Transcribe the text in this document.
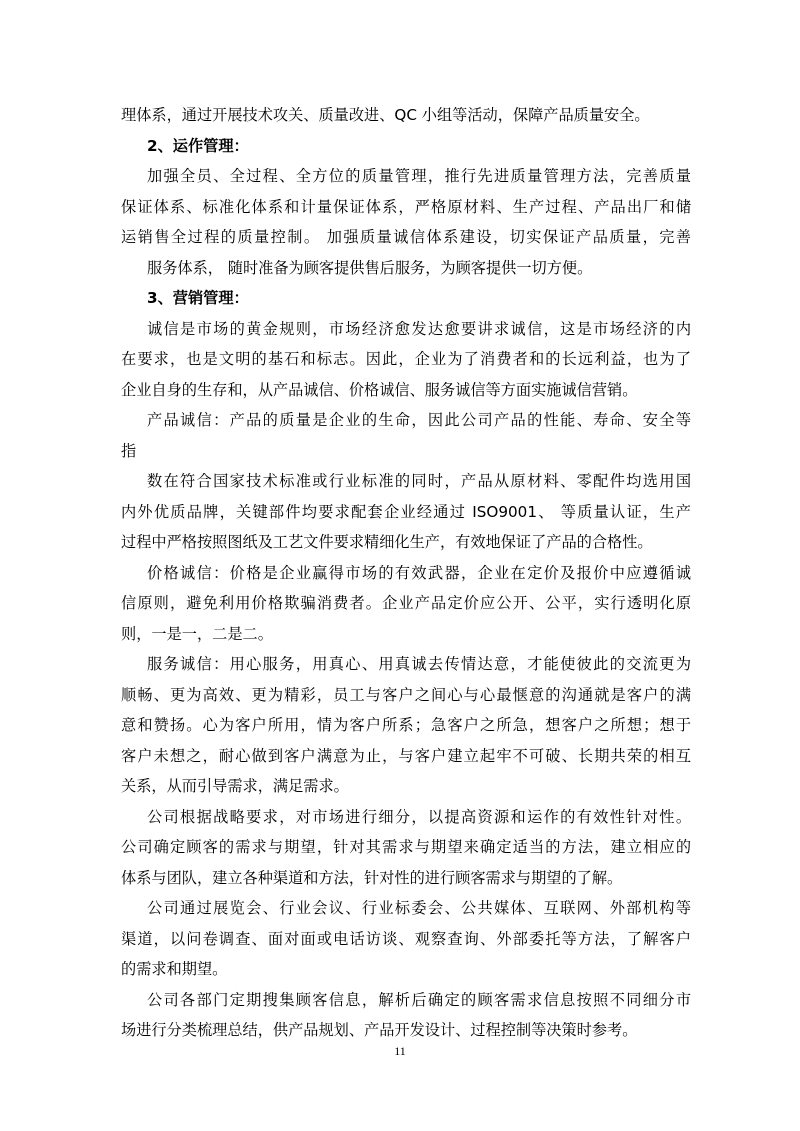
理体系，通过开展技术攻关、质量改进、QC 小组等活动，保障产品质量安全。
2、运作管理：
加强全员、全过程、全方位的质量管理，推行先进质量管理方法，完善质量
保证体系、标准化体系和计量保证体系，严格原材料、生产过程、产品出厂和储
运销售全过程的质量控制。 加强质量诚信体系建设，切实保证产品质量，完善
服务体系， 随时准备为顾客提供售后服务，为顾客提供一切方便。
3、营销管理：
诚信是市场的黄金规则，市场经济愈发达愈要讲求诚信，这是市场经济的内
在要求，也是文明的基石和标志。因此，企业为了消费者和的长远利益，也为了
企业自身的生存和，从产品诚信、价格诚信、服务诚信等方面实施诚信营销。
产品诚信：产品的质量是企业的生命，因此公司产品的性能、寿命、安全等
指
数在符合国家技术标准或行业标准的同时，产品从原材料、零配件均选用国
内外优质品牌，关键部件均要求配套企业经通过 ISO9001、 等质量认证，生产
过程中严格按照图纸及工艺文件要求精细化生产，有效地保证了产品的合格性。
价格诚信：价格是企业赢得市场的有效武器，企业在定价及报价中应遵循诚
信原则，避免利用价格欺骗消费者。企业产品定价应公开、公平，实行透明化原
则，一是一，二是二。
服务诚信：用心服务，用真心、用真诚去传情达意，才能使彼此的交流更为
顺畅、更为高效、更为精彩，员工与客户之间心与心最惬意的沟通就是客户的满
意和赞扬。心为客户所用，情为客户所系；急客户之所急，想客户之所想；想于
客户未想之，耐心做到客户满意为止，与客户建立起牢不可破、长期共荣的相互
关系，从而引导需求，满足需求。
公司根据战略要求，对市场进行细分，以提高资源和运作的有效性针对性。
公司确定顾客的需求与期望，针对其需求与期望来确定适当的方法，建立相应的
体系与团队，建立各种渠道和方法，针对性的进行顾客需求与期望的了解。
公司通过展览会、行业会议、行业标委会、公共媒体、互联网、外部机构等
渠道，以问卷调查、面对面或电话访谈、观察查询、外部委托等方法，了解客户
的需求和期望。
公司各部门定期搜集顾客信息，解析后确定的顾客需求信息按照不同细分市
场进行分类梳理总结，供产品规划、产品开发设计、过程控制等决策时参考。
11
